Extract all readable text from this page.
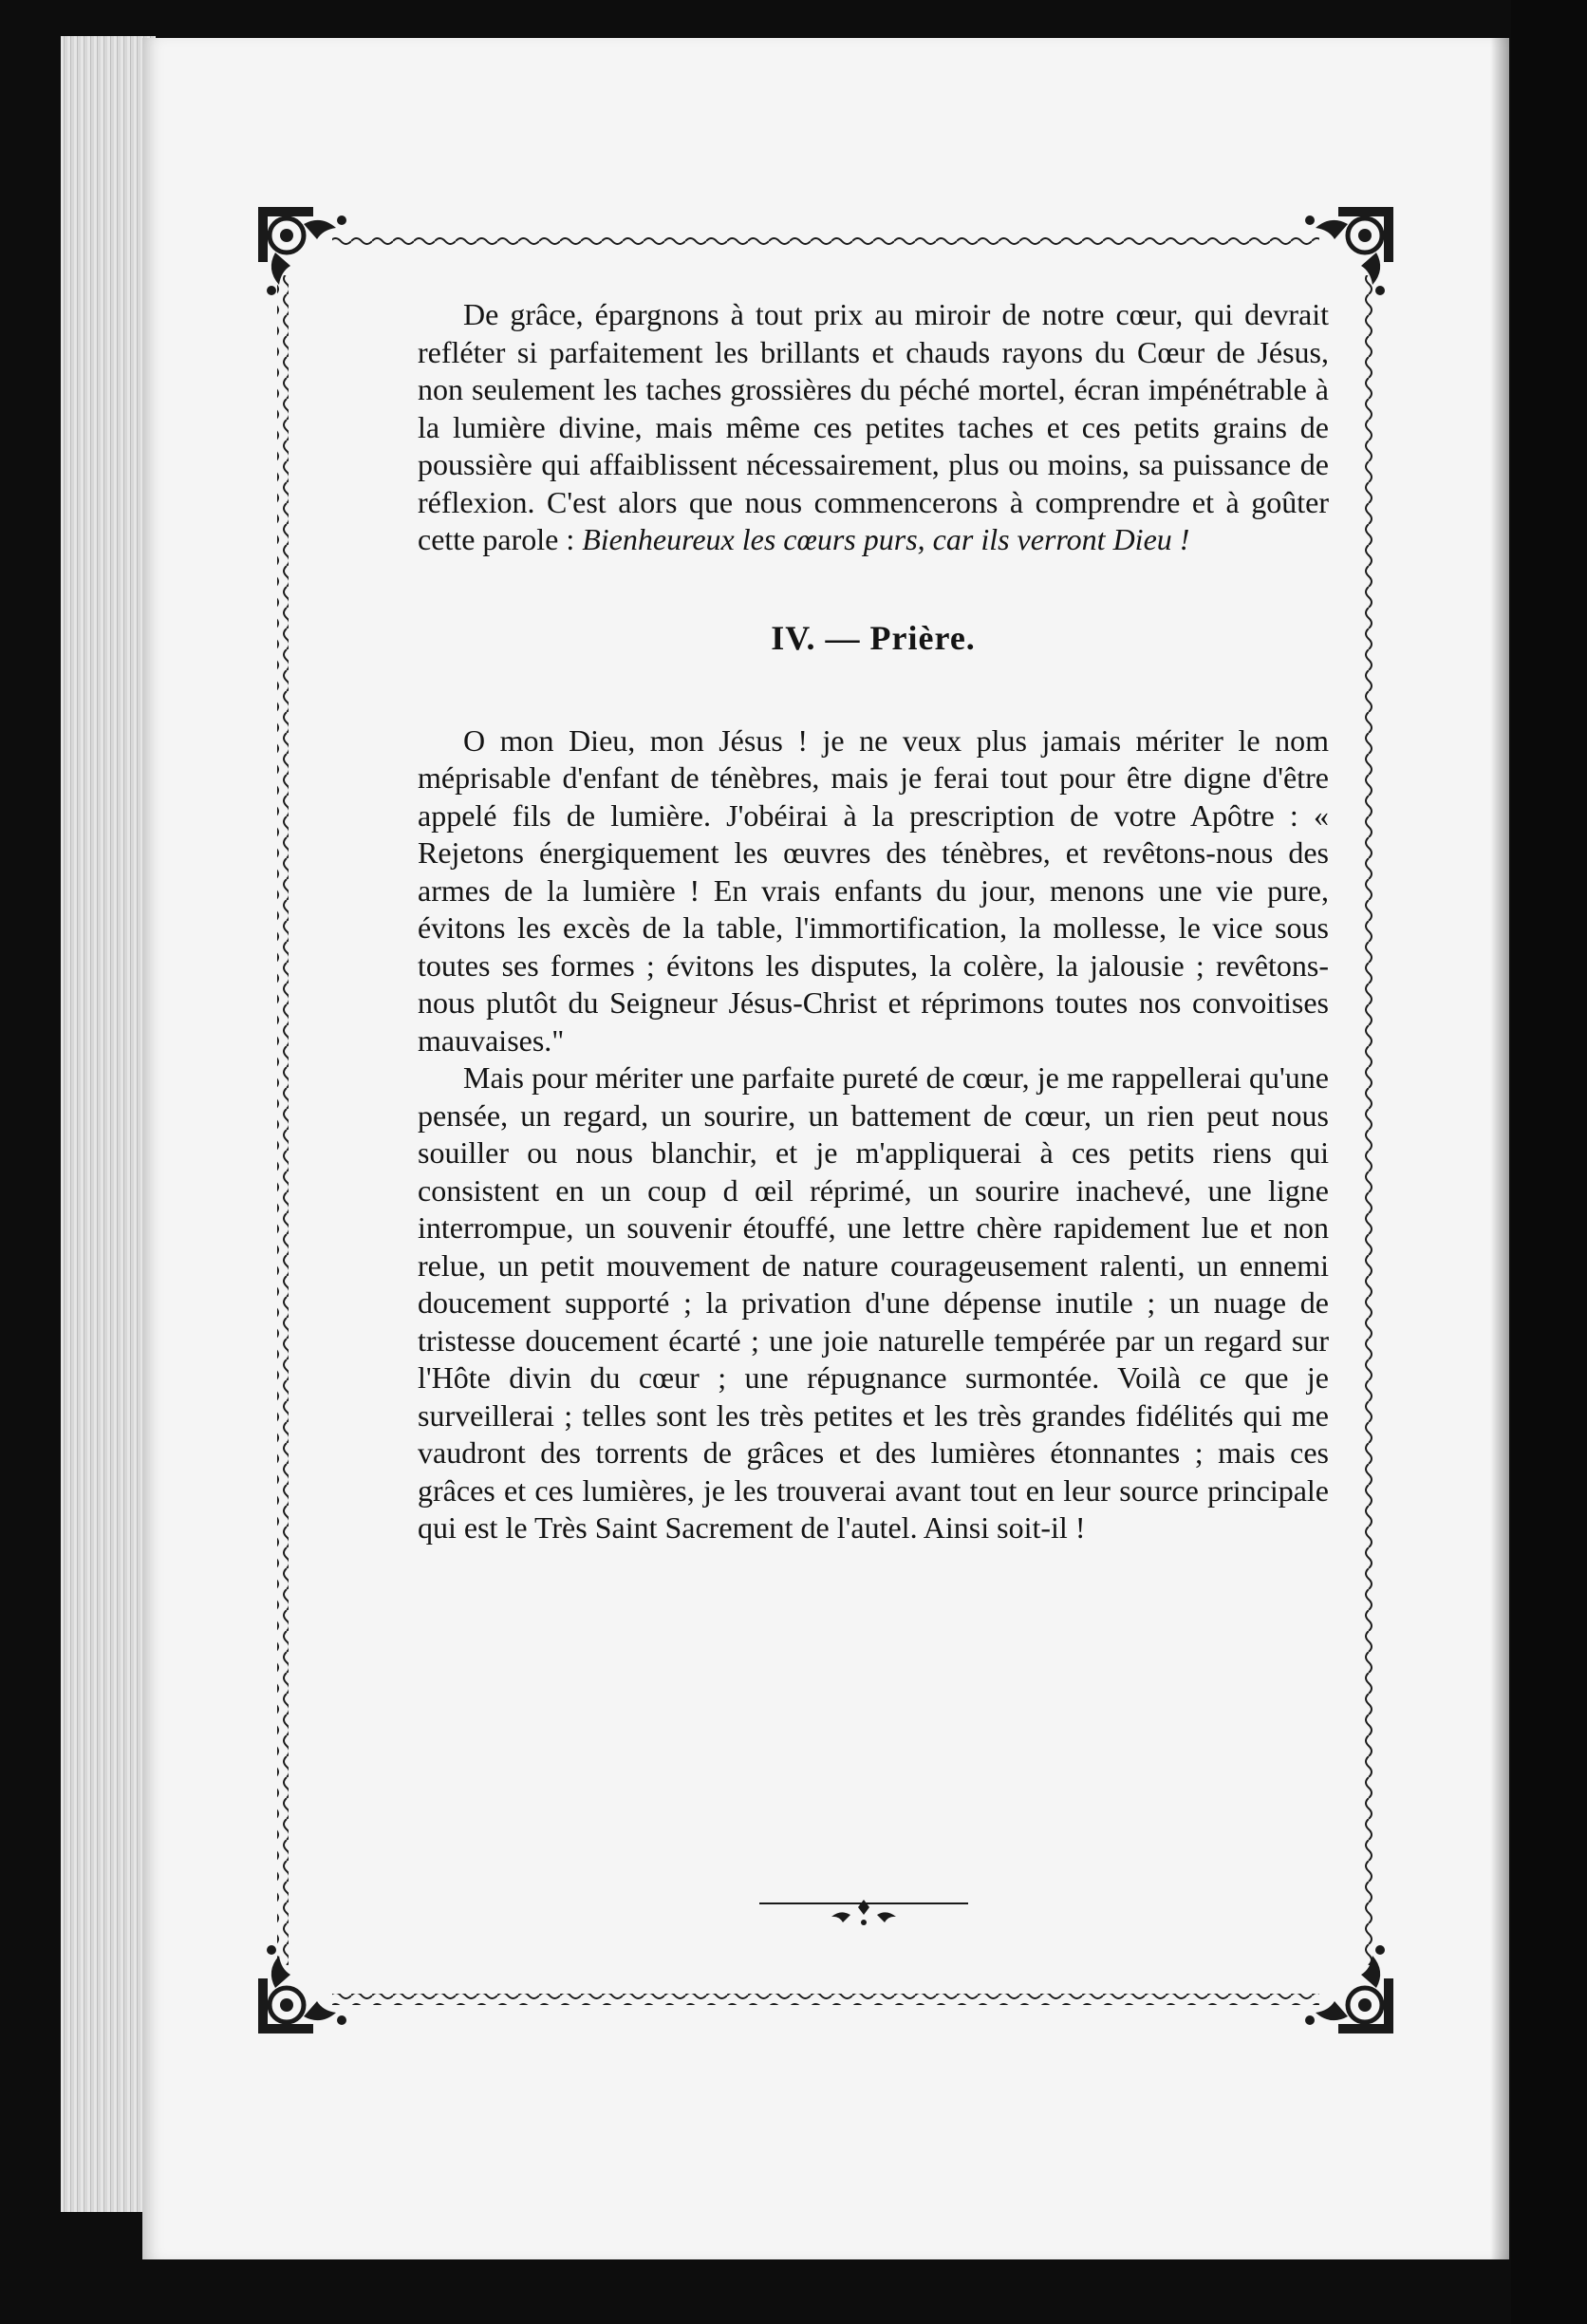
De grâce, épargnons à tout prix au miroir de notre cœur, qui devrait refléter si parfaitement les brillants et chauds rayons du Cœur de Jésus, non seulement les taches grossières du péché mortel, écran impénétrable à la lumière divine, mais même ces petites taches et ces petits grains de poussière qui affaiblissent nécessairement, plus ou moins, sa puissance de réflexion. C'est alors que nous commencerons à comprendre et à goûter cette parole : Bienheureux les cœurs purs, car ils verront Dieu !

IV. — Prière.

O mon Dieu, mon Jésus ! je ne veux plus jamais mériter le nom méprisable d'enfant de ténèbres, mais je ferai tout pour être digne d'être appelé fils de lumière. J'obéirai à la prescription de votre Apôtre : « Rejetons énergiquement les œuvres des ténèbres, et revêtons-nous des armes de la lumière ! En vrais enfants du jour, menons une vie pure, évitons les excès de la table, l'immortification, la mollesse, le vice sous toutes ses formes ; évitons les disputes, la colère, la jalousie ; revêtons-nous plutôt du Seigneur Jésus-Christ et réprimons toutes nos convoitises mauvaises."

Mais pour mériter une parfaite pureté de cœur, je me rappellerai qu'une pensée, un regard, un sourire, un battement de cœur, un rien peut nous souiller ou nous blanchir, et je m'appliquerai à ces petits riens qui consistent en un coup d œil réprimé, un sourire inachevé, une ligne interrompue, un souvenir étouffé, une lettre chère rapidement lue et non relue, un petit mouvement de nature courageusement ralenti, un ennemi doucement supporté ; la privation d'une dépense inutile ; un nuage de tristesse doucement écarté ; une joie naturelle tempérée par un regard sur l'Hôte divin du cœur ; une répugnance surmontée. Voilà ce que je surveillerai ; telles sont les très petites et les très grandes fidélités qui me vaudront des torrents de grâces et des lumières étonnantes ; mais ces grâces et ces lumières, je les trouverai avant tout en leur source principale qui est le Très Saint Sacrement de l'autel. Ainsi soit-il !
